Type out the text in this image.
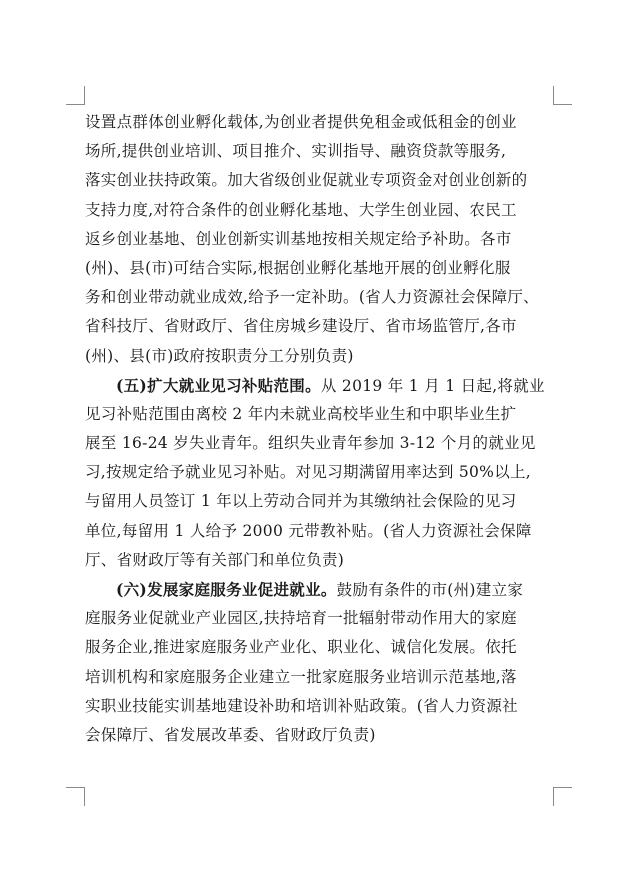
设置点群体创业孵化载体,为创业者提供免租金或低租金的创业
场所,提供创业培训、项目推介、实训指导、融资贷款等服务,
落实创业扶持政策。加大省级创业促就业专项资金对创业创新的
支持力度,对符合条件的创业孵化基地、大学生创业园、农民工
返乡创业基地、创业创新实训基地按相关规定给予补助。各市
(州)、县(市)可结合实际,根据创业孵化基地开展的创业孵化服
务和创业带动就业成效,给予一定补助。(省人力资源社会保障厅、
省科技厅、省财政厅、省住房城乡建设厅、省市场监管厅,各市
(州)、县(市)政府按职责分工分别负责)
(五)扩大就业见习补贴范围。从 2019 年 1 月 1 日起,将就业
见习补贴范围由离校 2 年内未就业高校毕业生和中职毕业生扩
展至 16-24 岁失业青年。组织失业青年参加 3-12 个月的就业见
习,按规定给予就业见习补贴。对见习期满留用率达到 50%以上,
与留用人员签订 1 年以上劳动合同并为其缴纳社会保险的见习
单位,每留用 1 人给予 2000 元带教补贴。(省人力资源社会保障
厅、省财政厅等有关部门和单位负责)
(六)发展家庭服务业促进就业。鼓励有条件的市(州)建立家
庭服务业促就业产业园区,扶持培育一批辐射带动作用大的家庭
服务企业,推进家庭服务业产业化、职业化、诚信化发展。依托
培训机构和家庭服务企业建立一批家庭服务业培训示范基地,落
实职业技能实训基地建设补助和培训补贴政策。(省人力资源社
会保障厅、省发展改革委、省财政厅负责)
